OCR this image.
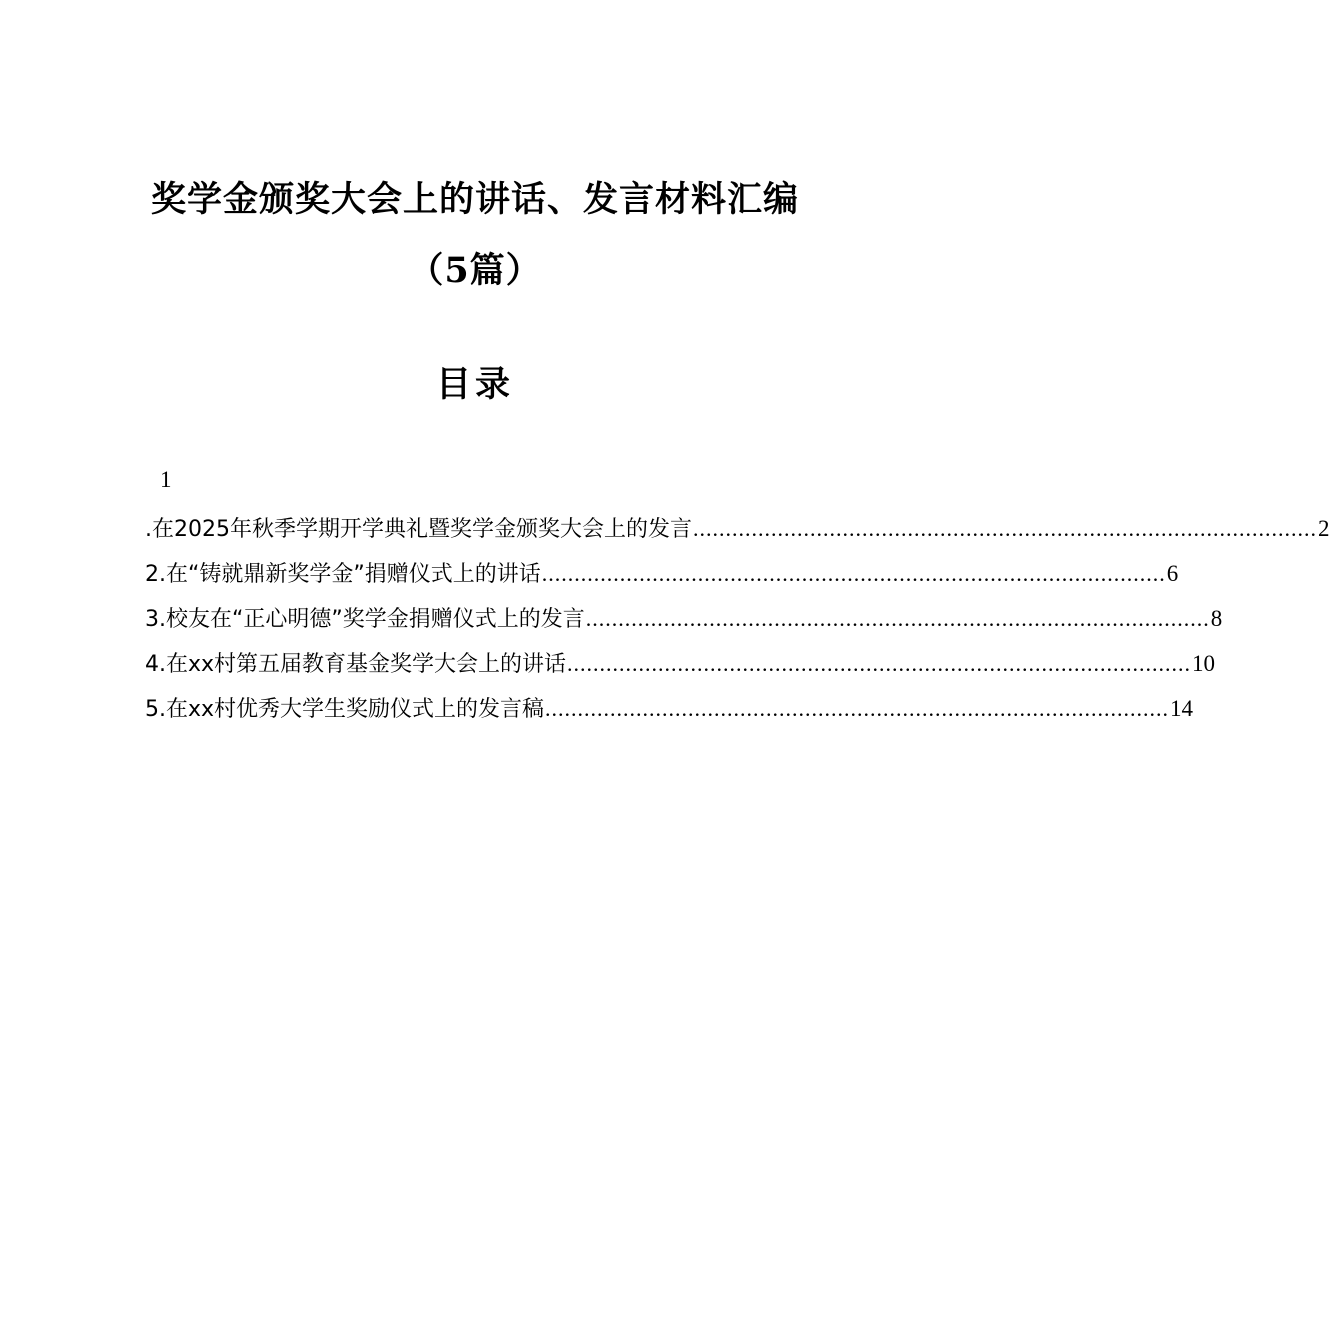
奖学金颁奖大会上的讲话、发言材料汇编
（5篇）
目录
1
.在2025年秋季学期开学典礼暨奖学金颁奖大会上的发言 ................................................................................................ 2
2.在“铸就鼎新奖学金”捐赠仪式上的讲话 ................................................................................................ 6
3.校友在“正心明德”奖学金捐赠仪式上的发言 ................................................................................................ 8
4.在xx村第五届教育基金奖学大会上的讲话 ................................................................................................ 10
5.在xx村优秀大学生奖励仪式上的发言稿 ................................................................................................ 14
